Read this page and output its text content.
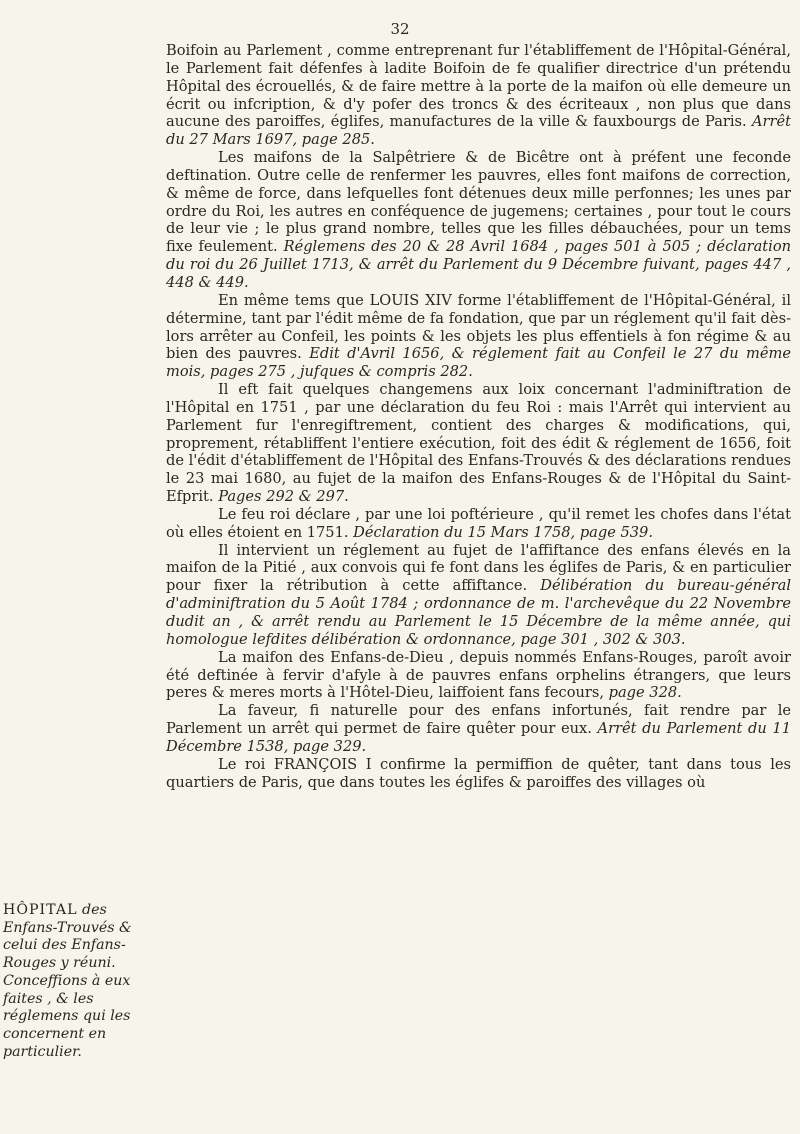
32

Boifoin au Parlement , comme entreprenant fur l'établiffement de l'Hôpital-Général, le Parlement fait défenfes à ladite Boifoin de fe qualifier directrice d'un prétendu Hôpital des écrouellés, & de faire mettre à la porte de la maifon où elle demeure un écrit ou infcription, & d'y pofer des troncs & des écriteaux , non plus que dans aucune des paroiffes, églifes, manufactures de la ville & fauxbourgs de Paris. Arrêt du 27 Mars 1697, page 285.

Les maifons de la Salpêtriere & de Bicêtre ont à préfent une feconde deftination. Outre celle de renfermer les pauvres, elles font maifons de correction, & même de force, dans lefquelles font détenues deux mille perfonnes; les unes par ordre du Roi, les autres en conféquence de jugemens; certaines , pour tout le cours de leur vie ; le plus grand nombre, telles que les filles débauchées, pour un tems fixe feulement. Réglemens des 20 & 28 Avril 1684 , pages 501 à 505 ; déclaration du roi du 26 Juillet 1713, & arrêt du Parlement du 9 Décembre fuivant, pages 447 , 448 & 449.

En même tems que LOUIS XIV forme l'établiffement de l'Hôpital-Général, il détermine, tant par l'édit même de fa fondation, que par un réglement qu'il fait dès-lors arrêter au Confeil, les points & les objets les plus effentiels à fon régime & au bien des pauvres. Edit d'Avril 1656, & réglement fait au Confeil le 27 du même mois, pages 275 , jufques & compris 282.

Il eft fait quelques changemens aux loix concernant l'adminiftration de l'Hôpital en 1751 , par une déclaration du feu Roi : mais l'Arrêt qui intervient au Parlement fur l'enregiftrement, contient des charges & modifications, qui, proprement, rétabliffent l'entiere exécution, foit des édit & réglement de 1656, foit de l'édit d'établiffement de l'Hôpital des Enfans-Trouvés & des déclarations rendues le 23 mai 1680, au fujet de la maifon des Enfans-Rouges & de l'Hôpital du Saint-Efprit. Pages 292 & 297.

Le feu roi déclare , par une loi poftérieure , qu'il remet les chofes dans l'état où elles étoient en 1751. Déclaration du 15 Mars 1758, page 539.

Il intervient un réglement au fujet de l'affiftance des enfans élevés en la maifon de la Pitié , aux convois qui fe font dans les églifes de Paris, & en particulier pour fixer la rétribution à cette affiftance. Délibération du bureau-général d'adminiftration du 5 Août 1784 ; ordonnance de m. l'archevêque du 22 Novembre dudit an , & arrêt rendu au Parlement le 15 Décembre de la même année, qui homologue lefdites délibération & ordonnance, page 301 , 302 & 303.

La maifon des Enfans-de-Dieu , depuis nommés Enfans-Rouges, paroît avoir été deftinée à fervir d'afyle à de pauvres enfans orphelins étrangers, que leurs peres & meres morts à l'Hôtel-Dieu, laiffoient fans fecours, page 328.

La faveur, fi naturelle pour des enfans infortunés, fait rendre par le Parlement un arrêt qui permet de faire quêter pour eux. Arrêt du Parlement du 11 Décembre 1538, page 329.

Le roi FRANÇOIS I confirme la permiffion de quêter, tant dans tous les quartiers de Paris, que dans toutes les églifes & paroiffes des villages où

HÔPITAL des Enfans-Trouvés & celui des Enfans-Rouges y réuni. Conceffions à eux faites , & les réglemens qui les concernent en particulier.
